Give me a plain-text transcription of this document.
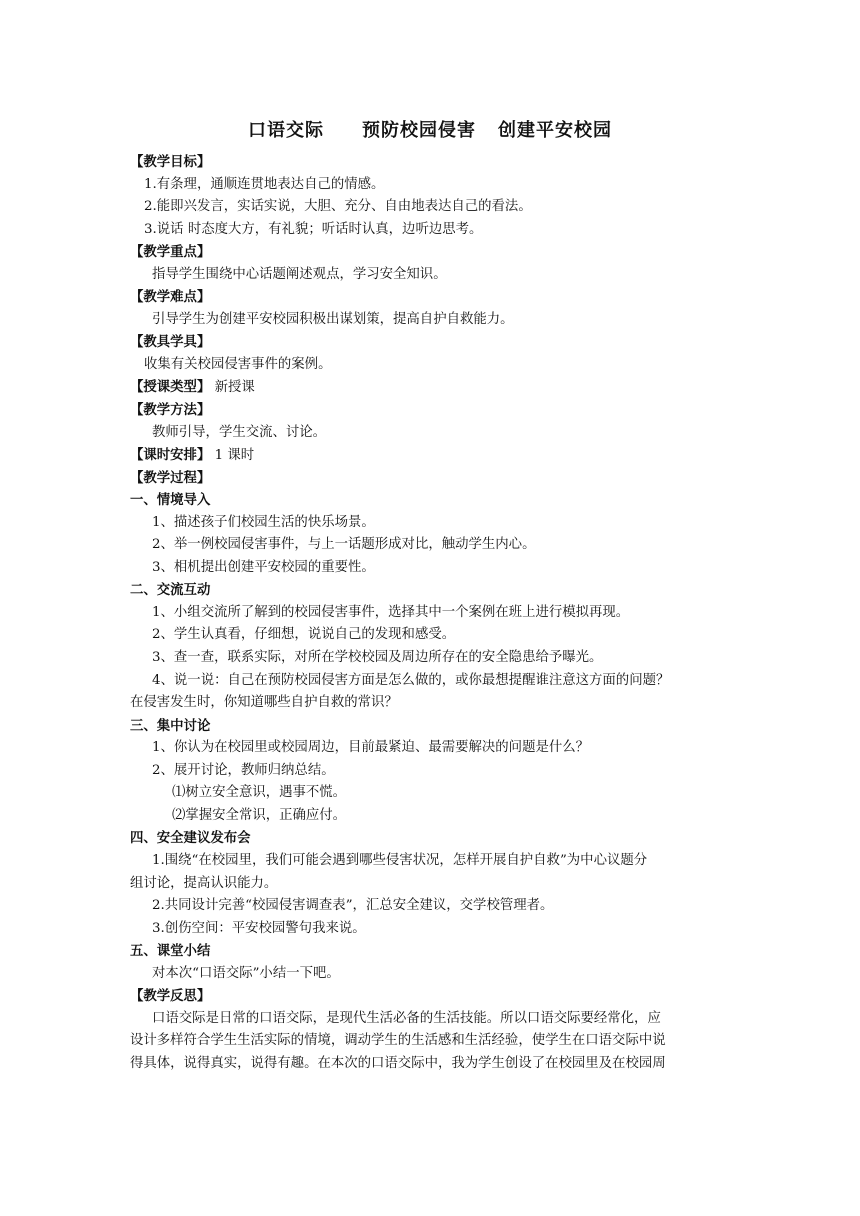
口语交际 预防校园侵害 创建平安校园
【教学目标】
1.有条理，通顺连贯地表达自己的情感。
2.能即兴发言，实话实说，大胆、充分、自由地表达自己的看法。
3.说话 时态度大方，有礼貌；听话时认真，边听边思考。
【教学重点】
指导学生围绕中心话题阐述观点，学习安全知识。
【教学难点】
引导学生为创建平安校园积极出谋划策，提高自护自救能力。
【教具学具】
收集有关校园侵害事件的案例。
【授课类型】 新授课
【教学方法】
教师引导，学生交流、讨论。
【课时安排】 1 课时
【教学过程】
一、情境导入
1、描述孩子们校园生活的快乐场景。
2、举一例校园侵害事件，与上一话题形成对比，触动学生内心。
3、相机提出创建平安校园的重要性。
二、交流互动
1、小组交流所了解到的校园侵害事件，选择其中一个案例在班上进行模拟再现。
2、学生认真看，仔细想，说说自己的发现和感受。
3、查一查，联系实际，对所在学校校园及周边所存在的安全隐患给予曝光。
4、说一说：自己在预防校园侵害方面是怎么做的，或你最想提醒谁注意这方面的问题？
在侵害发生时，你知道哪些自护自救的常识？
三、集中讨论
1、你认为在校园里或校园周边，目前最紧迫、最需要解决的问题是什么？
2、展开讨论，教师归纳总结。
⑴树立安全意识，遇事不慌。
⑵掌握安全常识，正确应付。
四、安全建议发布会
1.围绕“在校园里，我们可能会遇到哪些侵害状况，怎样开展自护自救”为中心议题分
组讨论，提高认识能力。
2.共同设计完善“校园侵害调查表”，汇总安全建议，交学校管理者。
3.创伤空间：平安校园警句我来说。
五、课堂小结
对本次“口语交际”小结一下吧。
【教学反思】
口语交际是日常的口语交际，是现代生活必备的生活技能。所以口语交际要经常化，应
设计多样符合学生生活实际的情境，调动学生的生活感和生活经验，使学生在口语交际中说
得具体，说得真实，说得有趣。在本次的口语交际中，我为学生创设了在校园里及在校园周
